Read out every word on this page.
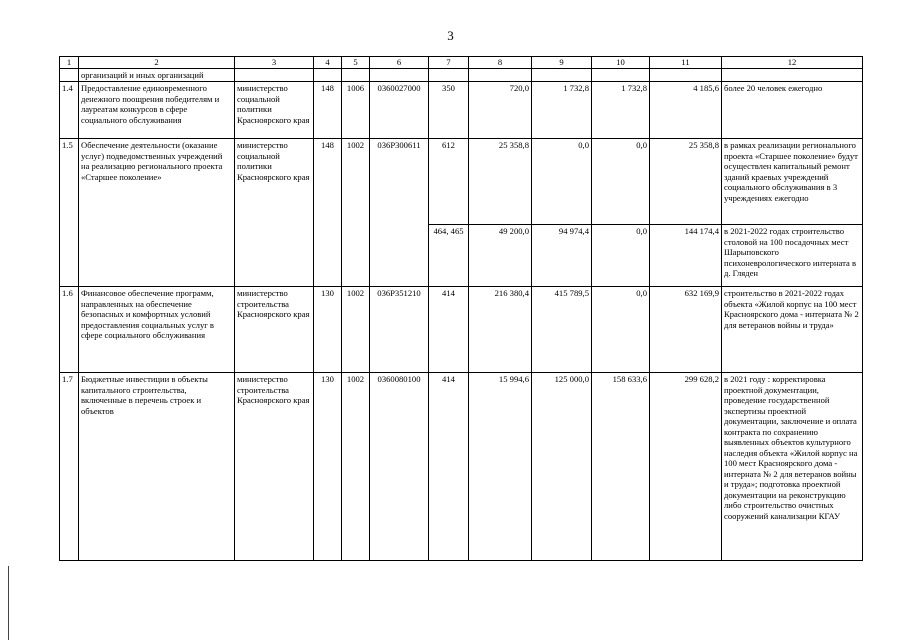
3
1	2	3	4	5	6	7	8	9	10	11	12
	организаций и иных организаций										
1.4	Предоставление единовременного денежного поощрения победителям и лауреатам конкурсов в сфере социального обслуживания	министерство социальной политики Красноярского края	148	1006	0360027000	350	720,0	1 732,8	1 732,8	4 185,6	более 20 человек ежегодно
1.5	Обеспечение деятельности (оказание услуг) подведомственных учреждений на реализацию регионального проекта «Старшее поколение»	министерство социальной политики Красноярского края	148	1002	036P300611	612	25 358,8	0,0	0,0	25 358,8	в рамках реализации регионального проекта «Старшее поколение» будут осуществлен капитальный ремонт зданий краевых учреждений социального обслуживания в 3 учреждениях ежегодно
						464, 465	49 200,0	94 974,4	0,0	144 174,4	в 2021-2022 годах строительство столовой на 100 посадочных мест Шарыповского психоневрологического интерната в д. Гляден
1.6	Финансовое обеспечение программ, направленных на обеспечение безопасных и комфортных условий предоставления социальных услуг в сфере социального обслуживания	министерство строительства Красноярского края	130	1002	036P351210	414	216 380,4	415 789,5	0,0	632 169,9	строительство в 2021-2022 годах объекта «Жилой корпус на 100 мест Красноярского дома - интерната № 2 для ветеранов войны и труда»
1.7	Бюджетные инвестиции в объекты капитального строительства, включенные в перечень строек и объектов	министерство строительства Красноярского края	130	1002	0360080100	414	15 994,6	125 000,0	158 633,6	299 628,2	в 2021 году : корректировка проектной документации, проведение государственной экспертизы проектной документации, заключение и оплата контракта по сохранению выявленных объектов культурного наследия объекта «Жилой корпус на 100 мест Красноярского дома - интерната № 2 для ветеранов войны и труда»; подготовка проектной документации на реконструкцию либо строительство очистных сооружений канализации КГАУ
